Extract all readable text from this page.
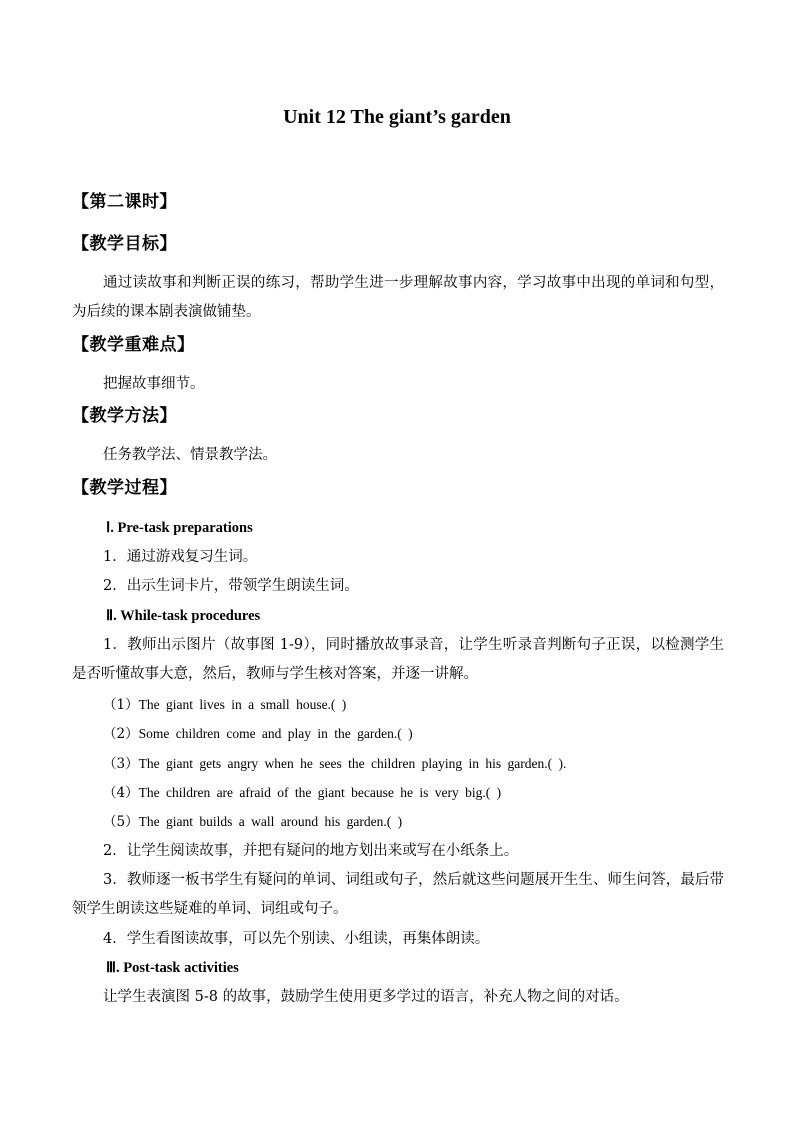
Unit 12 The giant’s garden
【第二课时】
【教学目标】
通过读故事和判断正误的练习，帮助学生进一步理解故事内容，学习故事中出现的单词和句型，为后续的课本剧表演做铺垫。
【教学重难点】
把握故事细节。
【教学方法】
任务教学法、情景教学法。
【教学过程】
Ⅰ. Pre-task preparations
1．通过游戏复习生词。
2．出示生词卡片，带领学生朗读生词。
Ⅱ. While-task procedures
1．教师出示图片（故事图 1-9），同时播放故事录音，让学生听录音判断句子正误，以检测学生是否听懂故事大意，然后，教师与学生核对答案，并逐一讲解。
（1）The giant lives in a small house.( )
（2）Some children come and play in the garden.( )
（3）The giant gets angry when he sees the children playing in his garden.( ).
（4）The children are afraid of the giant because he is very big.( )
（5）The giant builds a wall around his garden.( )
2．让学生阅读故事，并把有疑问的地方划出来或写在小纸条上。
3．教师逐一板书学生有疑问的单词、词组或句子，然后就这些问题展开生生、师生问答，最后带领学生朗读这些疑难的单词、词组或句子。
4．学生看图读故事，可以先个别读、小组读，再集体朗读。
Ⅲ. Post-task activities
让学生表演图 5-8 的故事，鼓励学生使用更多学过的语言，补充人物之间的对话。
